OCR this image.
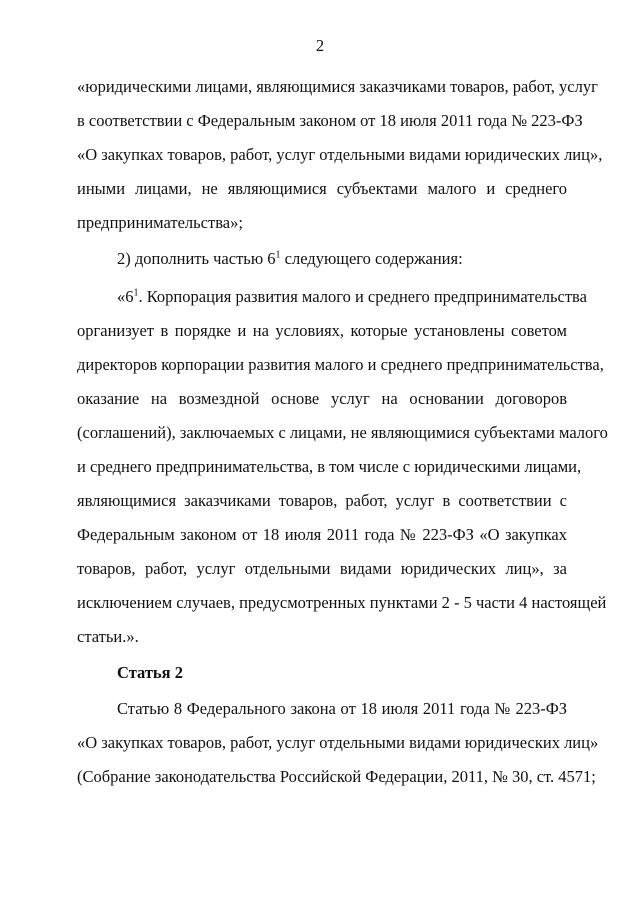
2
«юридическими лицами, являющимися заказчиками товаров, работ, услуг
в соответствии с Федеральным законом от 18 июля 2011 года № 223-ФЗ
«О закупках товаров, работ, услуг отдельными видами юридических лиц»,
иными лицами, не являющимися субъектами малого и среднего
предпринимательства»;
2) дополнить частью $6^1$ следующего содержания:
«$6^1$. Корпорация развития малого и среднего предпринимательства
организует в порядке и на условиях, которые установлены советом
директоров корпорации развития малого и среднего предпринимательства,
оказание на возмездной основе услуг на основании договоров
(соглашений), заключаемых с лицами, не являющимися субъектами малого
и среднего предпринимательства, в том числе с юридическими лицами,
являющимися заказчиками товаров, работ, услуг в соответствии с
Федеральным законом от 18 июля 2011 года № 223-ФЗ «О закупках
товаров, работ, услуг отдельными видами юридических лиц», за
исключением случаев, предусмотренных пунктами 2 - 5 части 4 настоящей
статьи.».
Статья 2
Статью 8 Федерального закона от 18 июля 2011 года № 223-ФЗ
«О закупках товаров, работ, услуг отдельными видами юридических лиц»
(Собрание законодательства Российской Федерации, 2011, № 30, ст. 4571;
